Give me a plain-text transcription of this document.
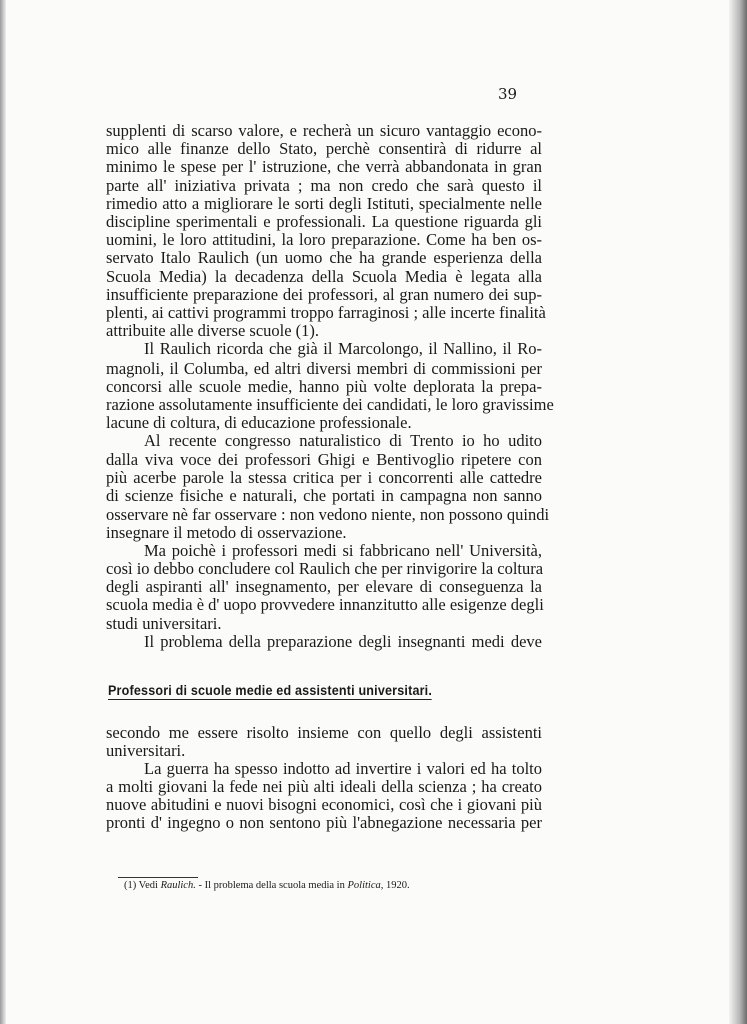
39
supplenti di scarso valore, e recherà un sicuro vantaggio econo-
mico alle finanze dello Stato, perchè consentirà di ridurre al
minimo le spese per l' istruzione, che verrà abbandonata in gran
parte all' iniziativa privata ; ma non credo che sarà questo il
rimedio atto a migliorare le sorti degli Istituti, specialmente nelle
discipline sperimentali e professionali. La questione riguarda gli
uomini, le loro attitudini, la loro preparazione. Come ha ben os-
servato Italo Raulich (un uomo che ha grande esperienza della
Scuola Media) la decadenza della Scuola Media è legata alla
insufficiente preparazione dei professori, al gran numero dei sup-
plenti, ai cattivi programmi troppo farraginosi ; alle incerte finalità
attribuite alle diverse scuole (1).
Il Raulich ricorda che già il Marcolongo, il Nallino, il Ro-
magnoli, il Columba, ed altri diversi membri di commissioni per
concorsi alle scuole medie, hanno più volte deplorata la prepa-
razione assolutamente insufficiente dei candidati, le loro gravissime
lacune di coltura, di educazione professionale.
Al recente congresso naturalistico di Trento io ho udito
dalla viva voce dei professori Ghigi e Bentivoglio ripetere con
più acerbe parole la stessa critica per i concorrenti alle cattedre
di scienze fisiche e naturali, che portati in campagna non sanno
osservare nè far osservare : non vedono niente, non possono quindi
insegnare il metodo di osservazione.
Ma poichè i professori medi si fabbricano nell' Università,
così io debbo concludere col Raulich che per rinvigorire la coltura
degli aspiranti all' insegnamento, per elevare di conseguenza la
scuola media è d' uopo provvedere innanzitutto alle esigenze degli
studi universitari.
Il problema della preparazione degli insegnanti medi deve
secondo me essere risolto insieme con quello degli assistenti
universitari.
La guerra ha spesso indotto ad invertire i valori ed ha tolto
a molti giovani la fede nei più alti ideali della scienza ; ha creato
nuove abitudini e nuovi bisogni economici, così che i giovani più
pronti d' ingegno o non sentono più l'abnegazione necessaria per
Professori di scuole medie ed assistenti universitari.
(1) Vedi Raulich. - Il problema della scuola media in Politica, 1920.
